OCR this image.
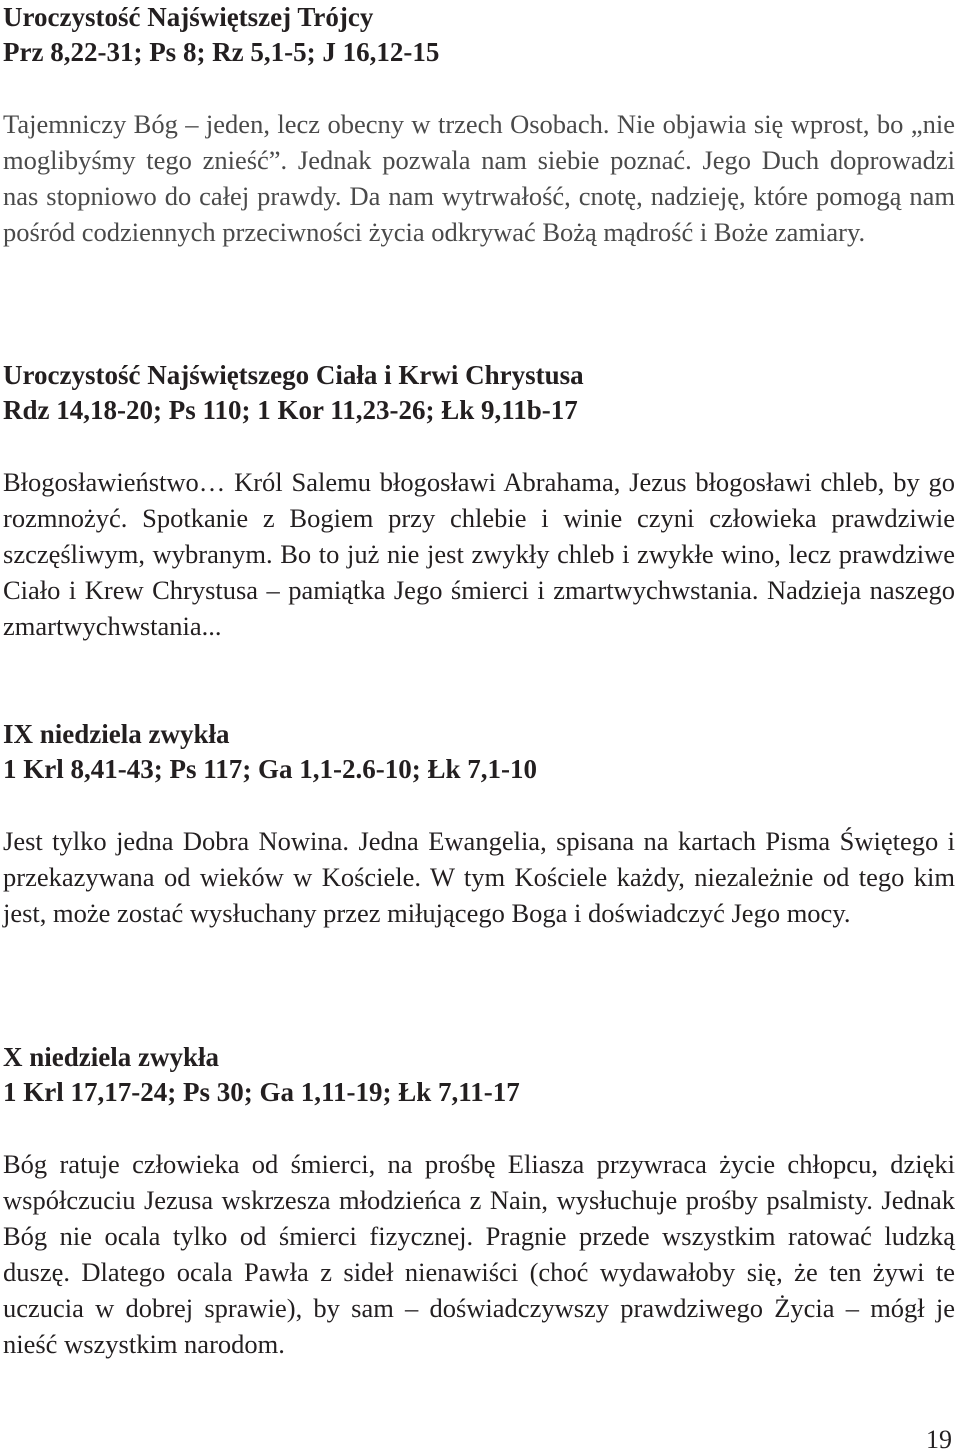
Uroczystość Najświętszej Trójcy
Prz 8,22-31; Ps 8; Rz 5,1-5; J 16,12-15
Tajemniczy Bóg – jeden, lecz obecny w trzech Osobach. Nie objawia się wprost, bo „nie moglibyśmy tego znieść”. Jednak pozwala nam siebie poznać. Jego Duch doprowadzi nas stopniowo do całej prawdy. Da nam wytrwałość, cnotę, nadzieję, które pomogą nam pośród codziennych przeciwności życia odkrywać Bożą mądrość i Boże zamiary.
Uroczystość Najświętszego Ciała i Krwi Chrystusa
Rdz 14,18-20; Ps 110; 1 Kor 11,23-26; Łk 9,11b-17
Błogosławieństwo… Król Salemu błogosławi Abrahama, Jezus błogosławi chleb, by go rozmnożyć. Spotkanie z Bogiem przy chlebie i winie czyni człowieka prawdziwie szczęśliwym, wybranym. Bo to już nie jest zwykły chleb i zwykłe wino, lecz prawdziwe Ciało i Krew Chrystusa – pamiątka Jego śmierci i zmartwychwstania. Nadzieja naszego zmartwychwstania...
IX niedziela zwykła
1 Krl 8,41-43; Ps 117; Ga 1,1-2.6-10; Łk 7,1-10
Jest tylko jedna Dobra Nowina. Jedna Ewangelia, spisana na kartach Pisma Świętego i przekazywana od wieków w Kościele. W tym Kościele każdy, niezależnie od tego kim jest, może zostać wysłuchany przez miłującego Boga i doświadczyć Jego mocy.
X niedziela zwykła
1 Krl 17,17-24; Ps 30; Ga 1,11-19; Łk 7,11-17
Bóg ratuje człowieka od śmierci, na prośbę Eliasza przywraca życie chłopcu, dzięki współczuciu Jezusa wskrzesza młodzieńca z Nain, wysłuchuje prośby psalmisty. Jednak Bóg nie ocala tylko od śmierci fizycznej. Pragnie przede wszystkim ratować ludzką duszę. Dlatego ocala Pawła z sideł nienawiści (choć wydawałoby się, że ten żywi te uczucia w dobrej sprawie), by sam – doświadczywszy prawdziwego Życia – mógł je nieść wszystkim narodom.
19
